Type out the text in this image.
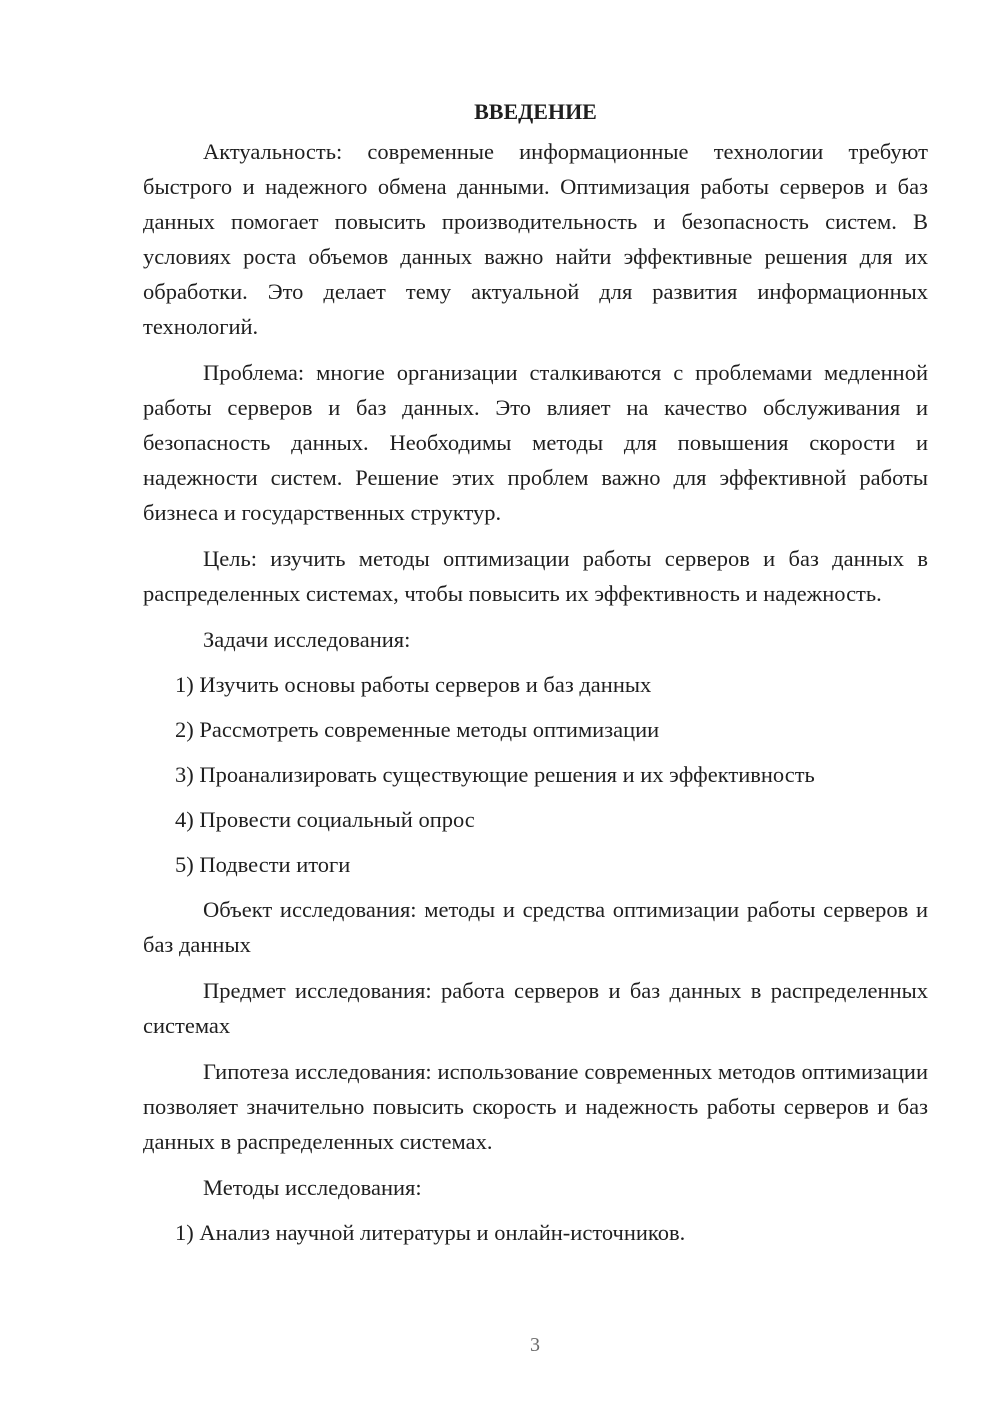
ВВЕДЕНИЕ

Актуальность: современные информационные технологии требуют быстрого и надежного обмена данными. Оптимизация работы серверов и баз данных помогает повысить производительность и безопасность систем. В условиях роста объемов данных важно найти эффективные решения для их обработки. Это делает тему актуальной для развития информационных технологий.

Проблема: многие организации сталкиваются с проблемами медленной работы серверов и баз данных. Это влияет на качество обслуживания и безопасность данных. Необходимы методы для повышения скорости и надежности систем. Решение этих проблем важно для эффективной работы бизнеса и государственных структур.

Цель: изучить методы оптимизации работы серверов и баз данных в распределенных системах, чтобы повысить их эффективность и надежность.

Задачи исследования:
1) Изучить основы работы серверов и баз данных
2) Рассмотреть современные методы оптимизации
3) Проанализировать существующие решения и их эффективность
4) Провести социальный опрос
5) Подвести итоги

Объект исследования: методы и средства оптимизации работы серверов и баз данных

Предмет исследования: работа серверов и баз данных в распределенных системах

Гипотеза исследования: использование современных методов оптимизации позволяет значительно повысить скорость и надежность работы серверов и баз данных в распределенных системах.

Методы исследования:
1) Анализ научной литературы и онлайн-источников.
3
